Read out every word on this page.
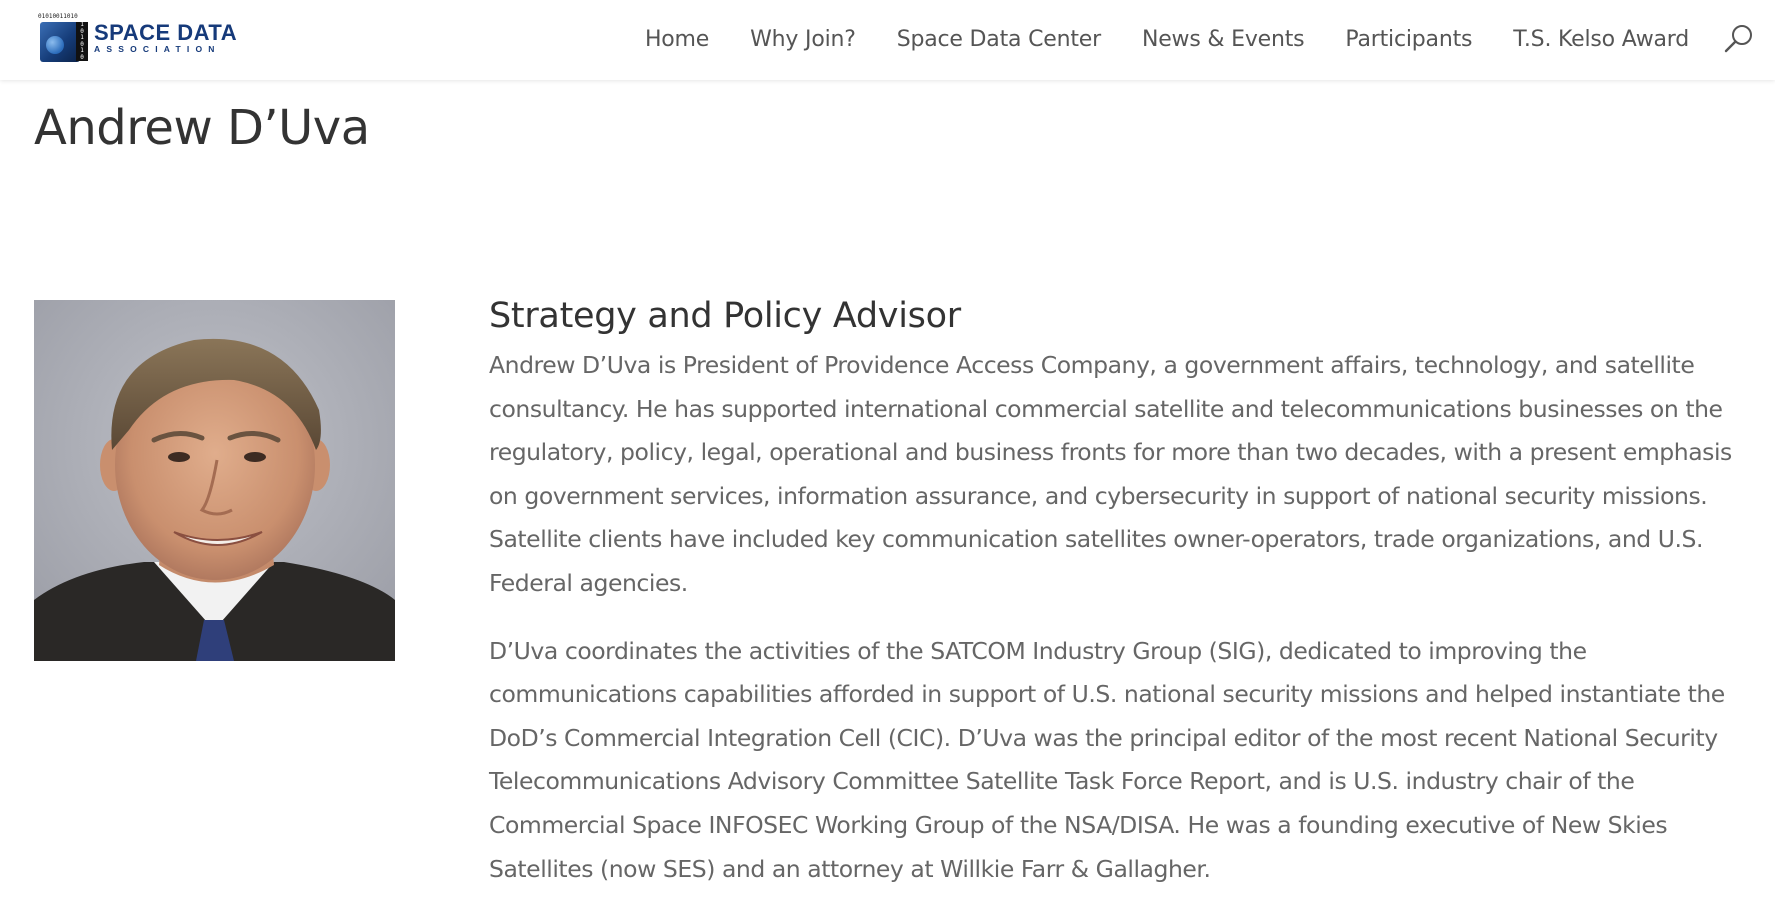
01010011010
1
0
1
0
1
0
SPACE DATA
ASSOCIATION	Home Why Join? Space Data Center News & Events Participants T.S. Kelso Award
Andrew D’Uva
Strategy and Policy Advisor

Andrew D’Uva is President of Providence Access Company, a government affairs, technology, and satellite consultancy. He has supported international commercial satellite and telecommunications businesses on the regulatory, policy, legal, operational and business fronts for more than two decades, with a present emphasis on government services, information assurance, and cybersecurity in support of national security missions. Satellite clients have included key communication satellites owner-operators, trade organizations, and U.S. Federal agencies.

D’Uva coordinates the activities of the SATCOM Industry Group (SIG), dedicated to improving the communications capabilities afforded in support of U.S. national security missions and helped instantiate the DoD’s Commercial Integration Cell (CIC). D’Uva was the principal editor of the most recent National Security Telecommunications Advisory Committee Satellite Task Force Report, and is U.S. industry chair of the Commercial Space INFOSEC Working Group of the NSA/DISA. He was a founding executive of New Skies Satellites (now SES) and an attorney at Willkie Farr & Gallagher.
